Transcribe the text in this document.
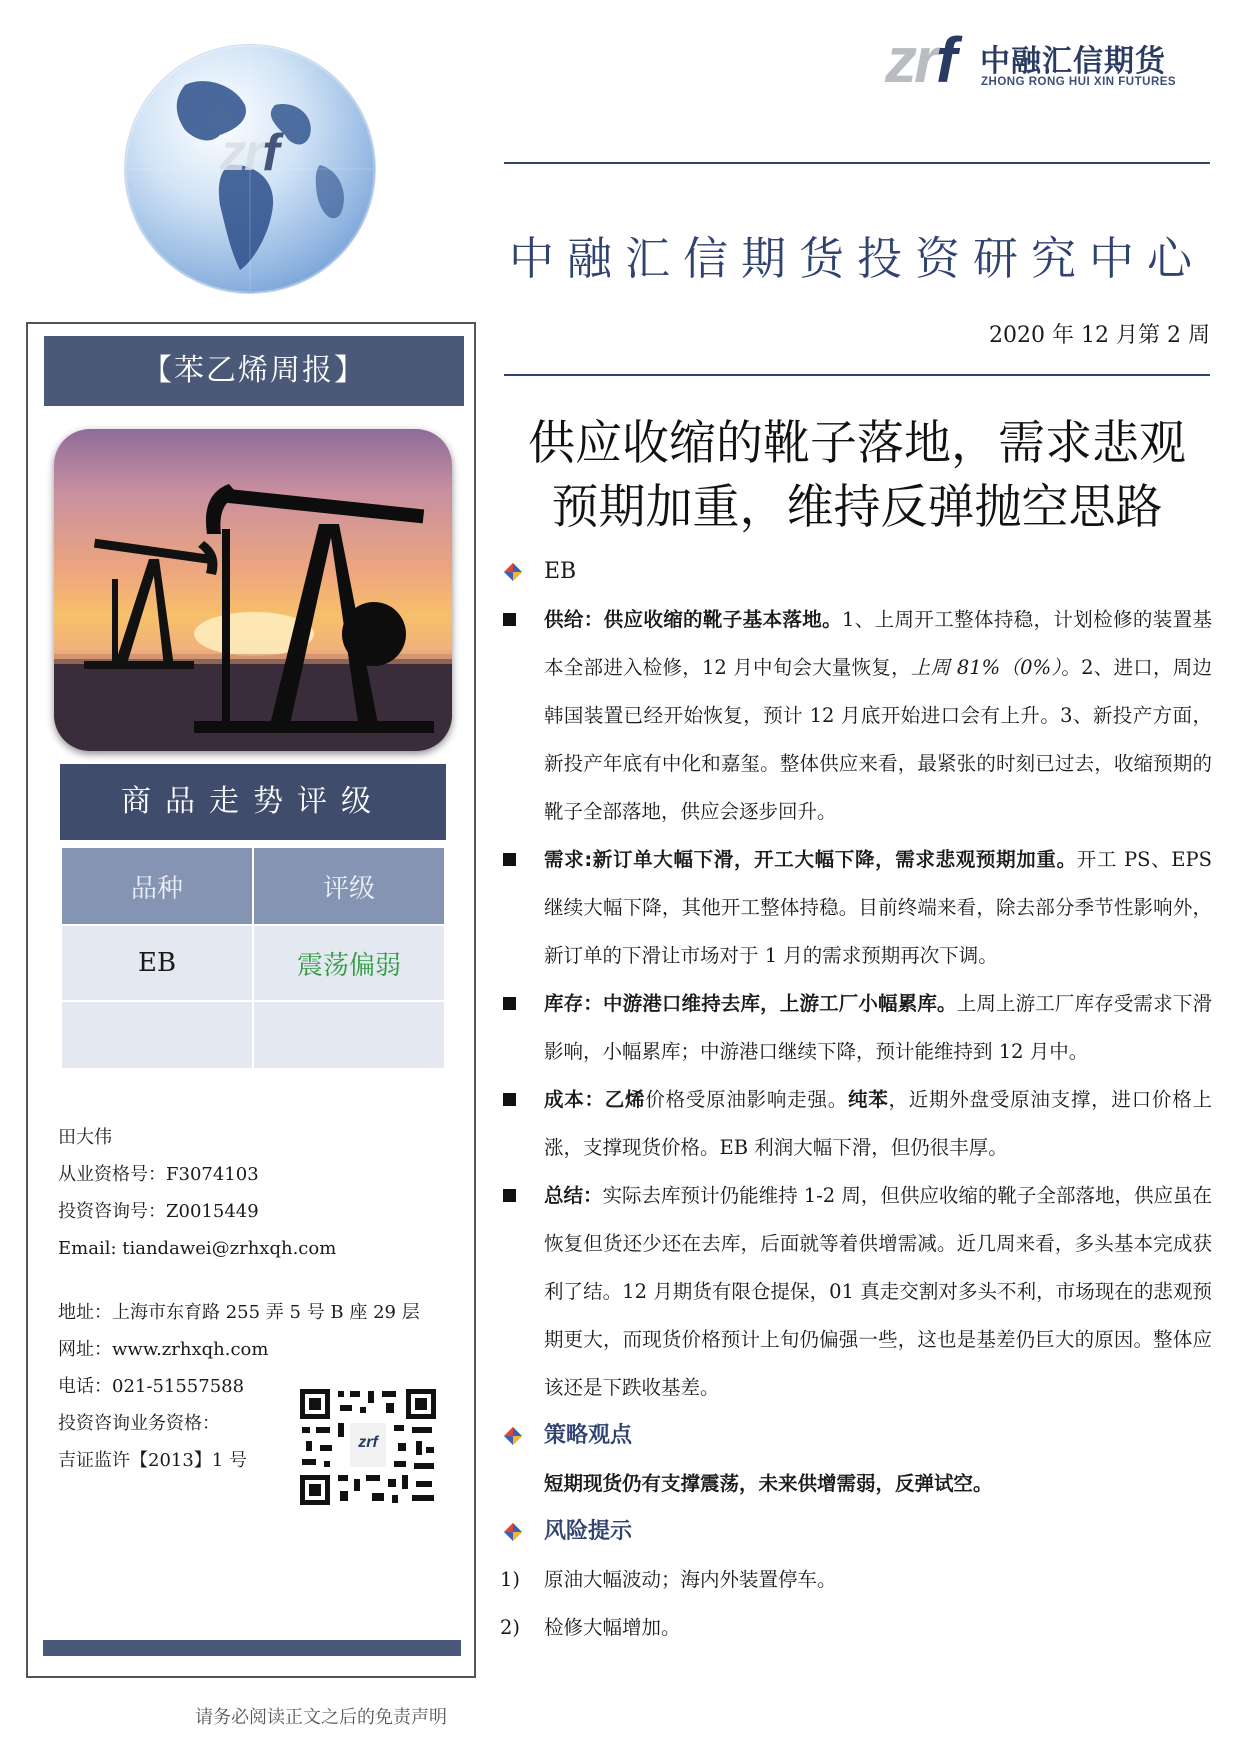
zrf 中融汇信期货
ZHONG RONG HUI XIN FUTURES
zrf
中融汇信期货投资研究中心
2020 年 12 月第 2 周
供应收缩的靴子落地，需求悲观
预期加重，维持反弹抛空思路
【苯乙烯周报】
商品走势评级
品种	评级
EB	震荡偏弱

田大伟
从业资格号：F3074103
投资咨询号：Z0015449
Email: tiandawei@zrhxqh.com
地址：上海市东育路 255 弄 5 号 B 座 29 层
网址：www.zrhxqh.com
电话：021-51557588
投资咨询业务资格：
吉证监许【2013】1 号
zrf
请务必阅读正文之后的免责声明
EB
供给：供应收缩的靴子基本落地。1、上周开工整体持稳，计划检修的装置基本全部进入检修，12 月中旬会大量恢复，上周 81%（0%）。2、进口，周边韩国装置已经开始恢复，预计 12 月底开始进口会有上升。3、新投产方面，新投产年底有中化和嘉玺。整体供应来看，最紧张的时刻已过去，收缩预期的靴子全部落地，供应会逐步回升。
需求:新订单大幅下滑，开工大幅下降，需求悲观预期加重。开工 PS、EPS 继续大幅下降，其他开工整体持稳。目前终端来看，除去部分季节性影响外，新订单的下滑让市场对于 1 月的需求预期再次下调。
库存：中游港口维持去库，上游工厂小幅累库。上周上游工厂库存受需求下滑影响，小幅累库；中游港口继续下降，预计能维持到 12 月中。
成本：乙烯价格受原油影响走强。纯苯，近期外盘受原油支撑，进口价格上涨，支撑现货价格。EB 利润大幅下滑，但仍很丰厚。
总结：实际去库预计仍能维持 1-2 周，但供应收缩的靴子全部落地，供应虽在恢复但货还少还在去库，后面就等着供增需减。近几周来看，多头基本完成获利了结。12 月期货有限仓提保，01 真走交割对多头不利，市场现在的悲观预期更大，而现货价格预计上旬仍偏强一些，这也是基差仍巨大的原因。整体应该还是下跌收基差。
策略观点
短期现货仍有支撑震荡，未来供增需弱，反弹试空。
风险提示
1) 原油大幅波动；海内外装置停车。
2) 检修大幅增加。
